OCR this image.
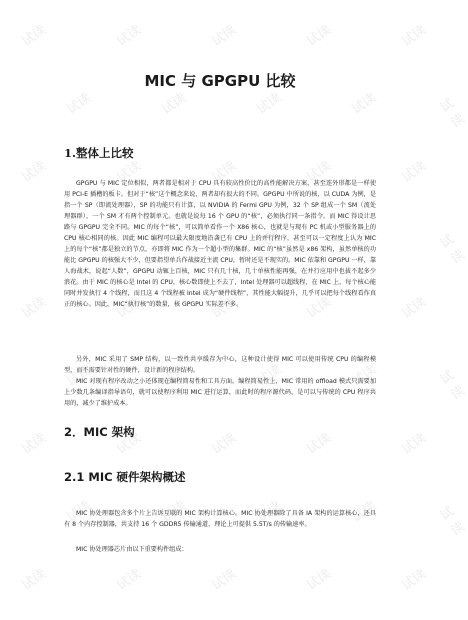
试读	试读	试读	试读	试读
试读	试读	试读	试读	试读
试读	试读	试读	试读	试读
试读	试读	试读	试读	试读
试读	试读	试读	试读	试读
试读	试读	试读	试读	试读
试读	试读	试读	试读	试读
试读	试读	试读	试读	试读
试读	试读	试读	试读	试读
MIC 与 GPGPU 比较
1.整体上比较

GPGPU 与 MIC 定位相似，两者都是相对于 CPU 具有较高性价比的高性能解决方案，甚至连外形都是一样使用 PCI-E 插槽的板卡。但对于“核”这个概念来说，两者却有很大的不同。GPGPU 中所说的核，以 CUDA 为例，是指一个 SP（即流处理器），SP 的功能只有计算，以 NVIDIA 的 Fermi GPU 为例，32 个 SP 组成一个 SM（流处理器群），一个 SM 才有两个控制单元。也就是说每 16 个 GPU 的“核”，必须执行同一条指令。而 MIC 得设计思路与 GPGPU 完全不同。MIC 的每个“核”，可以简单看作一个 X86 核心，也就是与现有 PC 机或小型服务器上的 CPU 核心相同的核。因此 MIC 编程可以最大限度地沿袭已有 CPU 上的并行程序，甚至可以一定程度上认为 MIC 上的每个“核”都是独立的节点，亦即将 MIC 作为一个超小型的集群。MIC 的“核”虽然是 x86 架构，虽然单核的功能比 GPGPU 的核强大不少，但要指望单兵作战接近主流 CPU，暂时还是不现实的。MIC 依靠和 GPGPU 一样，靠人海战术，说起“人数”，GPGPU 动辄上百核，MIC 只有几十核，几十单核性能再强，在并行应用中也拔不起多少浪花。由于 MIC 的核心是 Intel 的 CPU，核心数即使上不去了，Intel 处理器可以超线程，在 MIC 上，每个核心能同时并发执行 4 个线程，而且这 4 个线程被 Intel 成为“硬件线程”，其性能大幅提升，几乎可以把每个线程看作真正的核心。因此，MIC“执行核”的数量，核 GPGPU 实际差不多。

另外，MIC 采用了 SMP 结构，以一致性共享缓存为中心，这种设计使得 MIC 可以使用传统 CPU 的编程模型，而不需要针对性的硬件，设计新的程序结构。

MIC 对现有程序改动之小还体现在编程简易性和工具方面。编程简易性上，MIC 常用的 offload 模式只需要加上少数几条编译指导语句，就可以使程序利用 MIC 进行运算，而此时的程序源代码，是可以与传统的 CPU 程序共用的，减少了维护成本。

2．MIC 架构
2.1 MIC 硬件架构概述

MIC 协处理器包含多个片上告诉互联的 MIC 架构计算核心。MIC 协处理器除了具备 IA 架构的运算核心，还具有 8 个内存控制器，共支持 16 个 GDDR5 传输通道，理论上可提供 5.5T/s 的传输速率。

MIC 协处理器芯片由以下重要构件组成：
